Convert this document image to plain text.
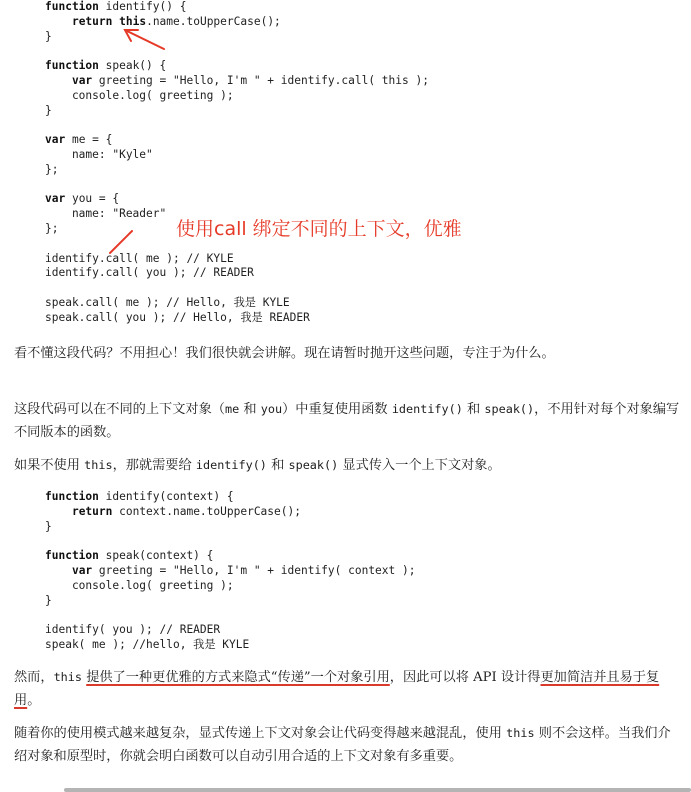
function identify() {
return this.name.toUpperCase();
}
function speak() {
var greeting = "Hello, I'm " + identify.call( this );
console.log( greeting );
}
var me = {
name: "Kyle"
};
var you = {
name: "Reader"
};
identify.call( me ); // KYLE
identify.call( you ); // READER
speak.call( me ); // Hello, 我是 KYLE
speak.call( you ); // Hello, 我是 READER
使用call 绑定不同的上下文，优雅

看不懂这段代码？不用担心！我们很快就会讲解。现在请暂时抛开这些问题，专注于为什么。

这段代码可以在不同的上下文对象（me 和 you）中重复使用函数 identify() 和 speak()，不用针对每个对象编写不同版本的函数。

如果不使用 this，那就需要给 identify() 和 speak() 显式传入一个上下文对象。

function identify(context) {
return context.name.toUpperCase();
}
function speak(context) {
var greeting = "Hello, I'm " + identify( context );
console.log( greeting );
}
identify( you ); // READER
speak( me ); //hello, 我是 KYLE

然而，this 提供了一种更优雅的方式来隐式“传递”一个对象引用，因此可以将 API 设计得更加简洁并且易于复用。

随着你的使用模式越来越复杂，显式传递上下文对象会让代码变得越来越混乱，使用 this 则不会这样。当我们介绍对象和原型时，你就会明白函数可以自动引用合适的上下文对象有多重要。
